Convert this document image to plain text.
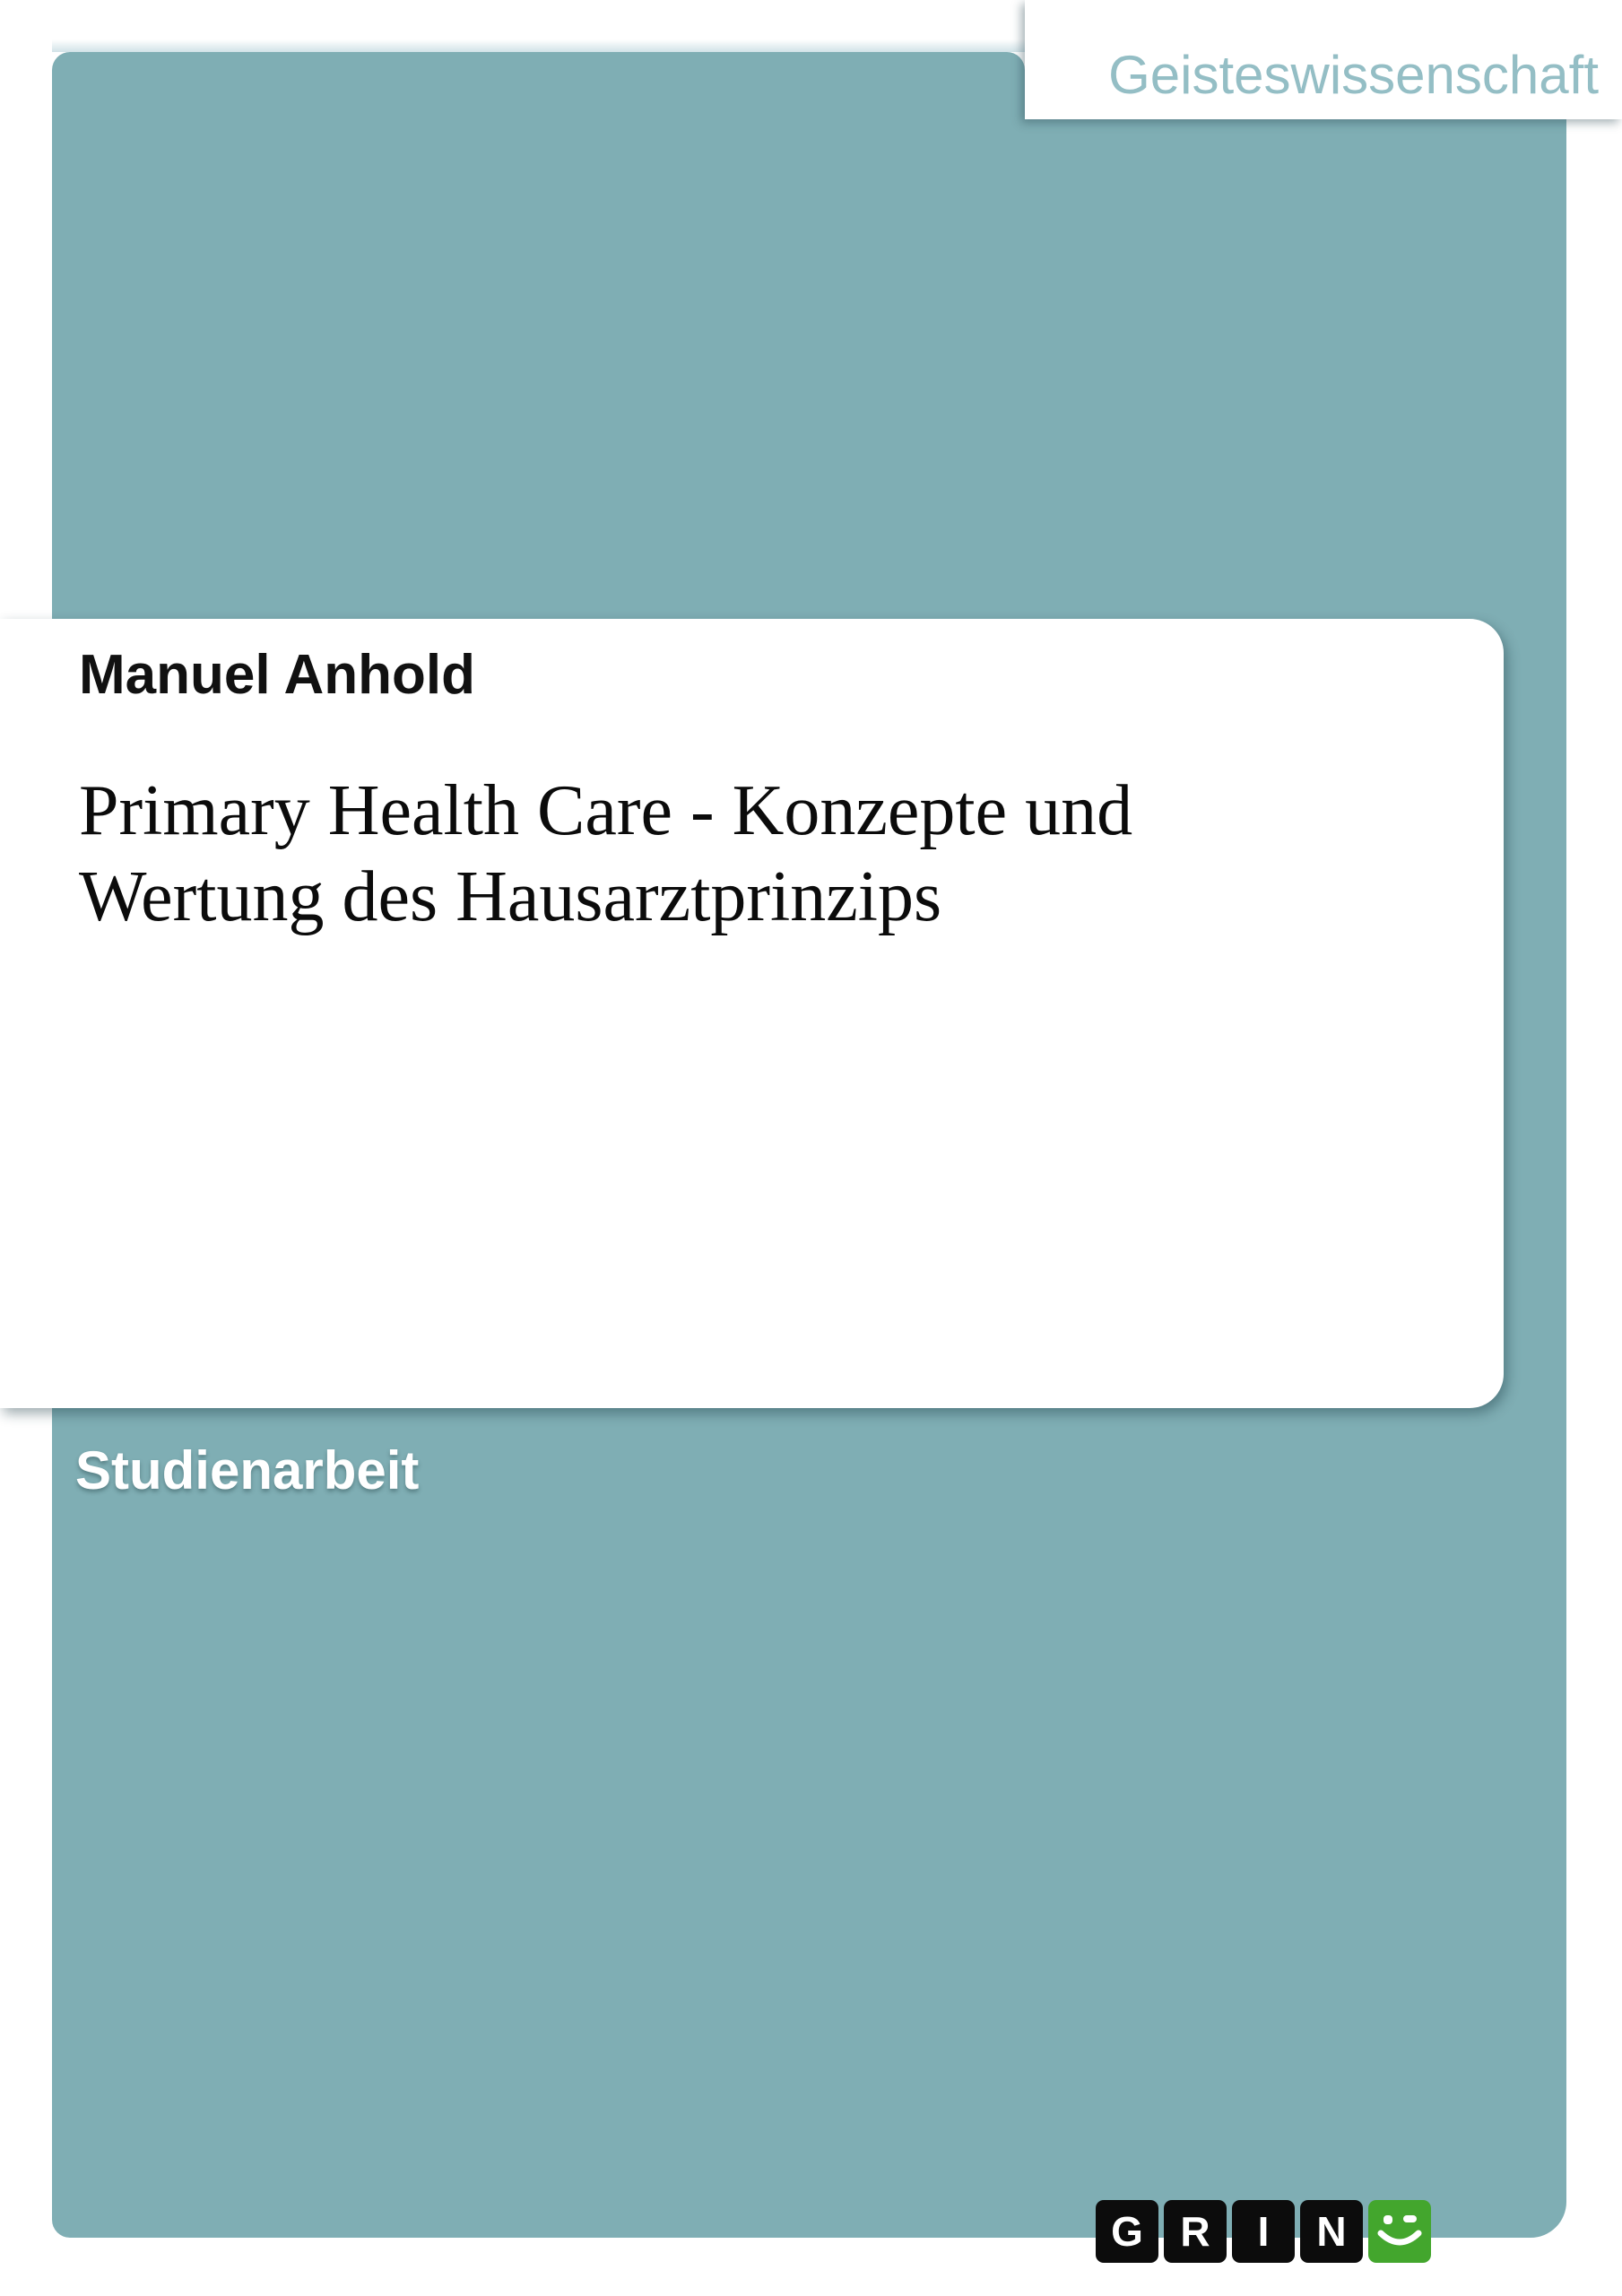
Geisteswissenschaft
Manuel Anhold
Primary Health Care - Konzepte und
Wertung des Hausarztprinzips
Studienarbeit
G R	I	N
